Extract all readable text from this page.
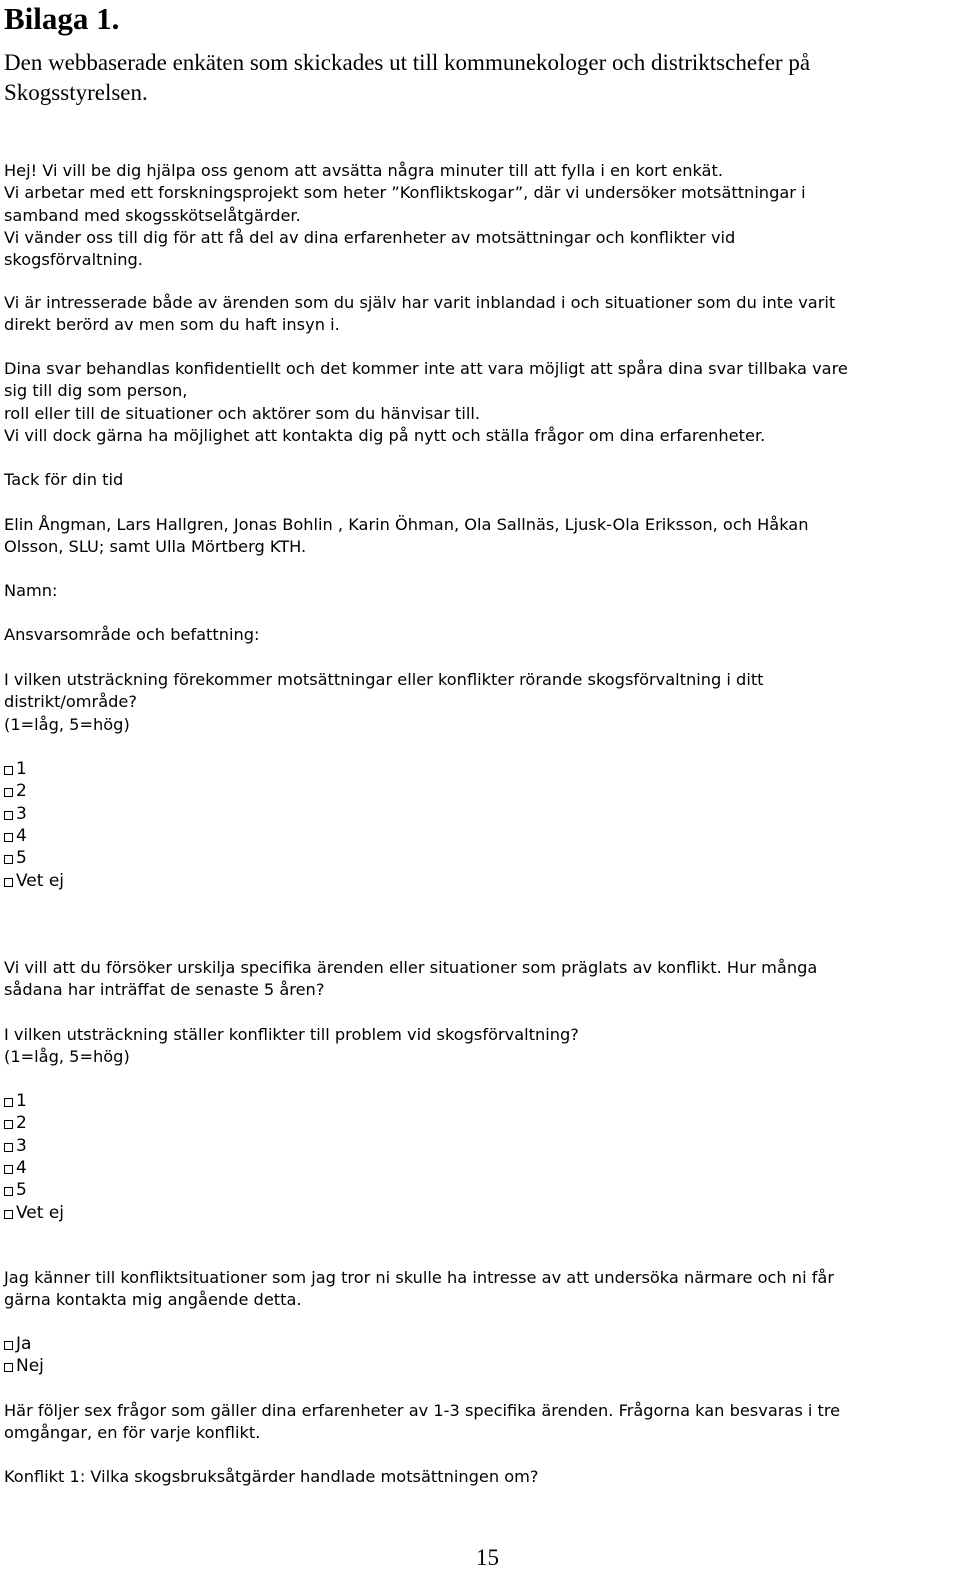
Bilaga 1.

Den webbaserade enkäten som skickades ut till kommunekologer och distriktschefer på Skogsstyrelsen.

Hej! Vi vill be dig hjälpa oss genom att avsätta några minuter till att fylla i en kort enkät.
Vi arbetar med ett forskningsprojekt som heter ”Konfliktskogar”, där vi undersöker motsättningar i
samband med skogsskötselåtgärder.
Vi vänder oss till dig för att få del av dina erfarenheter av motsättningar och konflikter vid
skogsförvaltning.

Vi är intresserade både av ärenden som du själv har varit inblandad i och situationer som du inte varit
direkt berörd av men som du haft insyn i.

Dina svar behandlas konfidentiellt och det kommer inte att vara möjligt att spåra dina svar tillbaka vare
sig till dig som person,
roll eller till de situationer och aktörer som du hänvisar till.
Vi vill dock gärna ha möjlighet att kontakta dig på nytt och ställa frågor om dina erfarenheter.

Tack för din tid

Elin Ångman, Lars Hallgren, Jonas Bohlin , Karin Öhman, Ola Sallnäs, Ljusk-Ola Eriksson, och Håkan
Olsson, SLU; samt Ulla Mörtberg KTH.

Namn:

Ansvarsområde och befattning:

I vilken utsträckning förekommer motsättningar eller konflikter rörande skogsförvaltning i ditt
distrikt/område?
(1=låg, 5=hög)

1
2
3
4
5
Vet ej

Vi vill att du försöker urskilja specifika ärenden eller situationer som präglats av konflikt. Hur många
sådana har inträffat de senaste 5 åren?

I vilken utsträckning ställer konflikter till problem vid skogsförvaltning?
(1=låg, 5=hög)

1
2
3
4
5
Vet ej

Jag känner till konfliktsituationer som jag tror ni skulle ha intresse av att undersöka närmare och ni får
gärna kontakta mig angående detta.

Ja
Nej

Här följer sex frågor som gäller dina erfarenheter av 1-3 specifika ärenden. Frågorna kan besvaras i tre
omgångar, en för varje konflikt.

Konflikt 1: Vilka skogsbruksåtgärder handlade motsättningen om?

15
